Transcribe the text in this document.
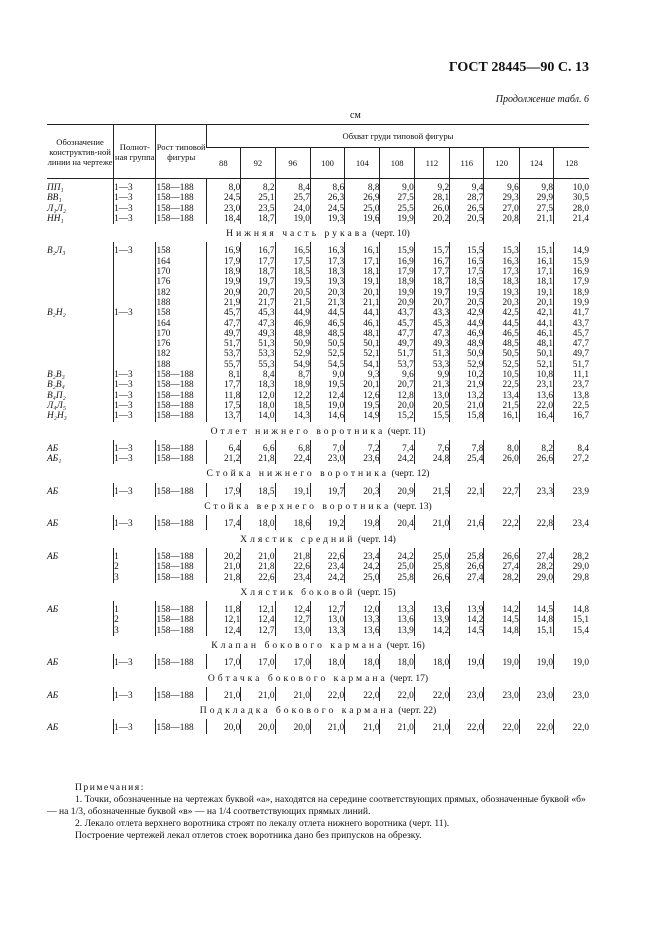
ГОСТ 28445—90 С. 13
Продолжение табл. 6
см
Обозначение конструктив-ной линии на чертеже	Полнот-ная группа	Рост типовой фигуры	Обхват груди типовой фигуры										
			88	92	96	100	104	108	112	116	120	124	128
ПП₁	1—3	158—188	8,0	8,2	8,4	8,6	8,8	9,0	9,2	9,4	9,6	9,8	10,0
ВВ₁	1—3	158—188	24,5	25,1	25,7	26,3	26,9	27,5	28,1	28,7	29,3	29,9	30,5
Л₁Л₂	1—3	158—188	23,0	23,5	24,0	24,5	25,0	25,5	26,0	26,5	27,0	27,5	28,0
НН₁	1—3	158—188	18,4	18,7	19,0	19,3	19,6	19,9	20,2	20,5	20,8	21,1	21,4
Нижняя часть рукава (черт. 10)													
В₂Л₃	1—3	158	16,9	16,7	16,5	16,3	16,1	15,9	15,7	15,5	15,3	15,1	14,9
		164	17,9	17,7	17,5	17,3	17,1	16,9	16,7	16,5	16,3	16,1	15,9
		170	18,9	18,7	18,5	18,3	18,1	17,9	17,7	17,5	17,3	17,1	16,9
		176	19,9	19,7	19,5	19,3	19,1	18,9	18,7	18,5	18,3	18,1	17,9
		182	20,9	20,7	20,5	20,3	20,1	19,9	19,7	19,5	19,3	19,1	18,9
		188	21,9	21,7	21,5	21,3	21,1	20,9	20,7	20,5	20,3	20,1	19,9
В₂Н₂	1—3	158	45,7	45,3	44,9	44,5	44,1	43,7	43,3	42,9	42,5	42,1	41,7
		164	47,7	47,3	46,9	46,5	46,1	45,7	45,3	44,9	44,5	44,1	43,7
		170	49,7	49,3	48,9	48,5	48,1	47,7	47,3	46,9	46,5	46,1	45,7
		176	51,7	51,3	50,9	50,5	50,1	49,7	49,3	48,9	48,5	48,1	47,7
		182	53,7	53,3	52,9	52,5	52,1	51,7	51,3	50,9	50,5	50,1	49,7
		188	55,7	55,3	54,9	54,5	54,1	53,7	53,3	52,9	52,5	52,1	51,7
В₂В₃	1—3	158—188	8,1	8,4	8,7	9,0	9,3	9,6	9,9	10,2	10,5	10,8	11,1
В₂В₄	1—3	158—188	17,7	18,3	18,9	19,5	20,1	20,7	21,3	21,9	22,5	23,1	23,7
В₄П₂	1—3	158—188	11,8	12,0	12,2	12,4	12,6	12,8	13,0	13,2	13,4	13,6	13,8
Л₄Л₅	1—3	158—188	17,5	18,0	18,5	19,0	19,5	20,0	20,5	21,0	21,5	22,0	22,5
Н₂Н₃	1—3	158—188	13,7	14,0	14,3	14,6	14,9	15,2	15,5	15,8	16,1	16,4	16,7
Отлет нижнего воротника (черт. 11)													
АБ	1—3	158—188	6,4	6,6	6,8	7,0	7,2	7,4	7,6	7,8	8,0	8,2	8,4
АБ₁	1—3	158—188	21,2	21,8	22,4	23,0	23,6	24,2	24,8	25,4	26,0	26,6	27,2
Стойка нижнего воротника (черт. 12)													
АБ	1—3	158—188	17,9	18,5	19,1	19,7	20,3	20,9	21,5	22,1	22,7	23,3	23,9
Стойка верхнего воротника (черт. 13)													
АБ	1—3	158—188	17,4	18,0	18,6	19,2	19,8	20,4	21,0	21,6	22,2	22,8	23,4
Хлястик средний (черт. 14)													
АБ	1	158—188	20,2	21,0	21,8	22,6	23,4	24,2	25,0	25,8	26,6	27,4	28,2
	2	158—188	21,0	21,8	22,6	23,4	24,2	25,0	25,8	26,6	27,4	28,2	29,0
	3	158—188	21,8	22,6	23,4	24,2	25,0	25,8	26,6	27,4	28,2	29,0	29,8
Хлястик боковой (черт. 15)													
АБ	1	158—188	11,8	12,1	12,4	12,7	12,0	13,3	13,6	13,9	14,2	14,5	14,8
	2	158—188	12,1	12,4	12,7	13,0	13,3	13,6	13,9	14,2	14,5	14,8	15,1
	3	158—188	12,4	12,7	13,0	13,3	13,6	13,9	14,2	14,5	14,8	15,1	15,4
Клапан бокового кармана (черт. 16)													
АБ	1—3	158—188	17,0	17,0	17,0	18,0	18,0	18,0	18,0	19,0	19,0	19,0	19,0
Обтачка бокового кармана (черт. 17)													
АБ	1—3	158—188	21,0	21,0	21,0	22,0	22,0	22,0	22,0	23,0	23,0	23,0	23,0
Подкладка бокового кармана (черт. 22)													
АБ	1—3	158—188	20,0	20,0	20,0	21,0	21,0	21,0	21,0	22,0	22,0	22,0	22,0
Примечания:
1. Точки, обозначенные на чертежах буквой «а», находятся на середине соответствующих прямых, обозначенные буквой «б» — на 1/3, обозначенные буквой «в» — на 1/4 соответствующих прямых линий.
2. Лекало отлета верхнего воротника строят по лекалу отлета нижнего воротника (черт. 11).
Построение чертежей лекал отлетов стоек воротника дано без припусков на обрезку.
